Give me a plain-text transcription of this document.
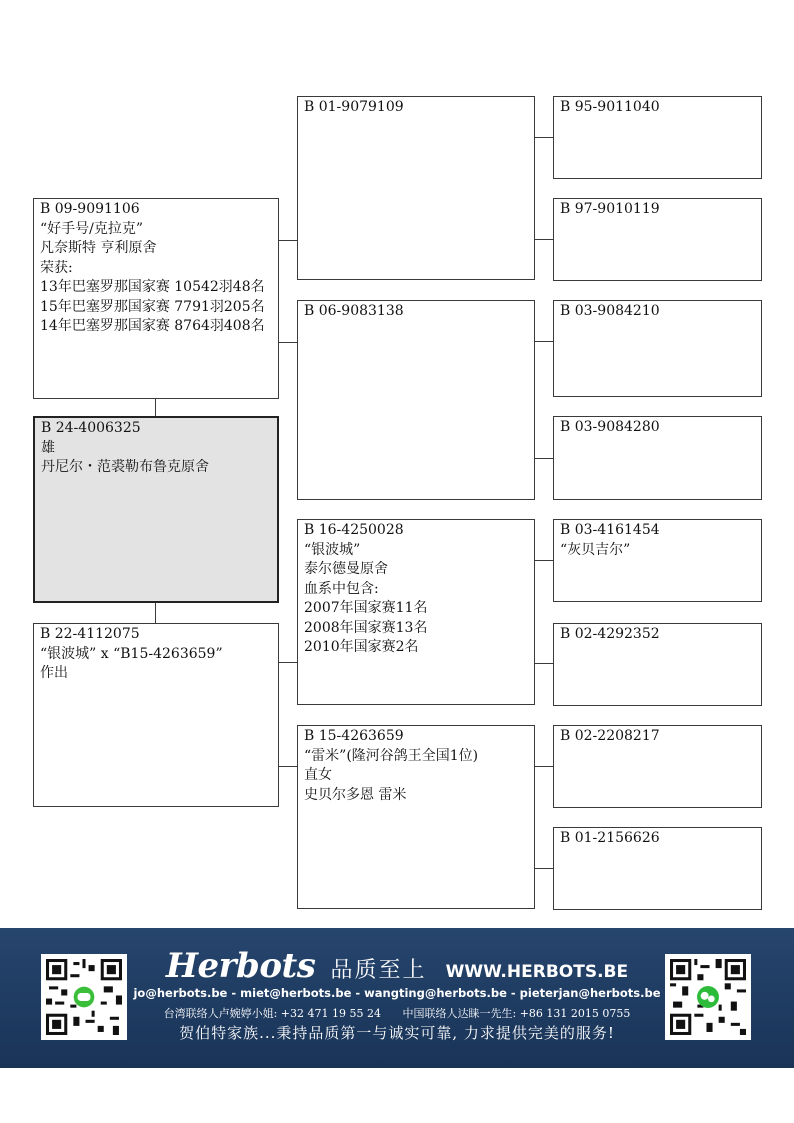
B 09-9091106
“好手号/克拉克”
凡奈斯特 亨利原舍
荣获:
13年巴塞罗那国家赛 10542羽48名
15年巴塞罗那国家赛 7791羽205名
14年巴塞罗那国家赛 8764羽408名
B 24-4006325
雄
丹尼尔・范裘勒布鲁克原舍
B 22-4112075
“银波城” x “B15-4263659”
作出
B 01-9079109
B 06-9083138
B 16-4250028
“银波城”
泰尔德曼原舍
血系中包含:
2007年国家赛11名
2008年国家赛13名
2010年国家赛2名
B 15-4263659
“雷米”(隆河谷鸽王全国1位)
直女
史贝尔多恩 雷米
B 95-9011040
B 97-9010119
B 03-9084210
B 03-9084280
B 03-4161454
“灰贝吉尔”
B 02-4292352
B 02-2208217
B 01-2156626
Herbots 品质至上 WWW.HERBOTS.BE
jo@herbots.be - miet@herbots.be - wangting@herbots.be - pieterjan@herbots.be
台湾联络人卢婉婷小姐: +32 471 19 55 24 中国联络人达睐一先生: +86 131 2015 0755
贺伯特家族...秉持品质第一与诚实可靠, 力求提供完美的服务!
